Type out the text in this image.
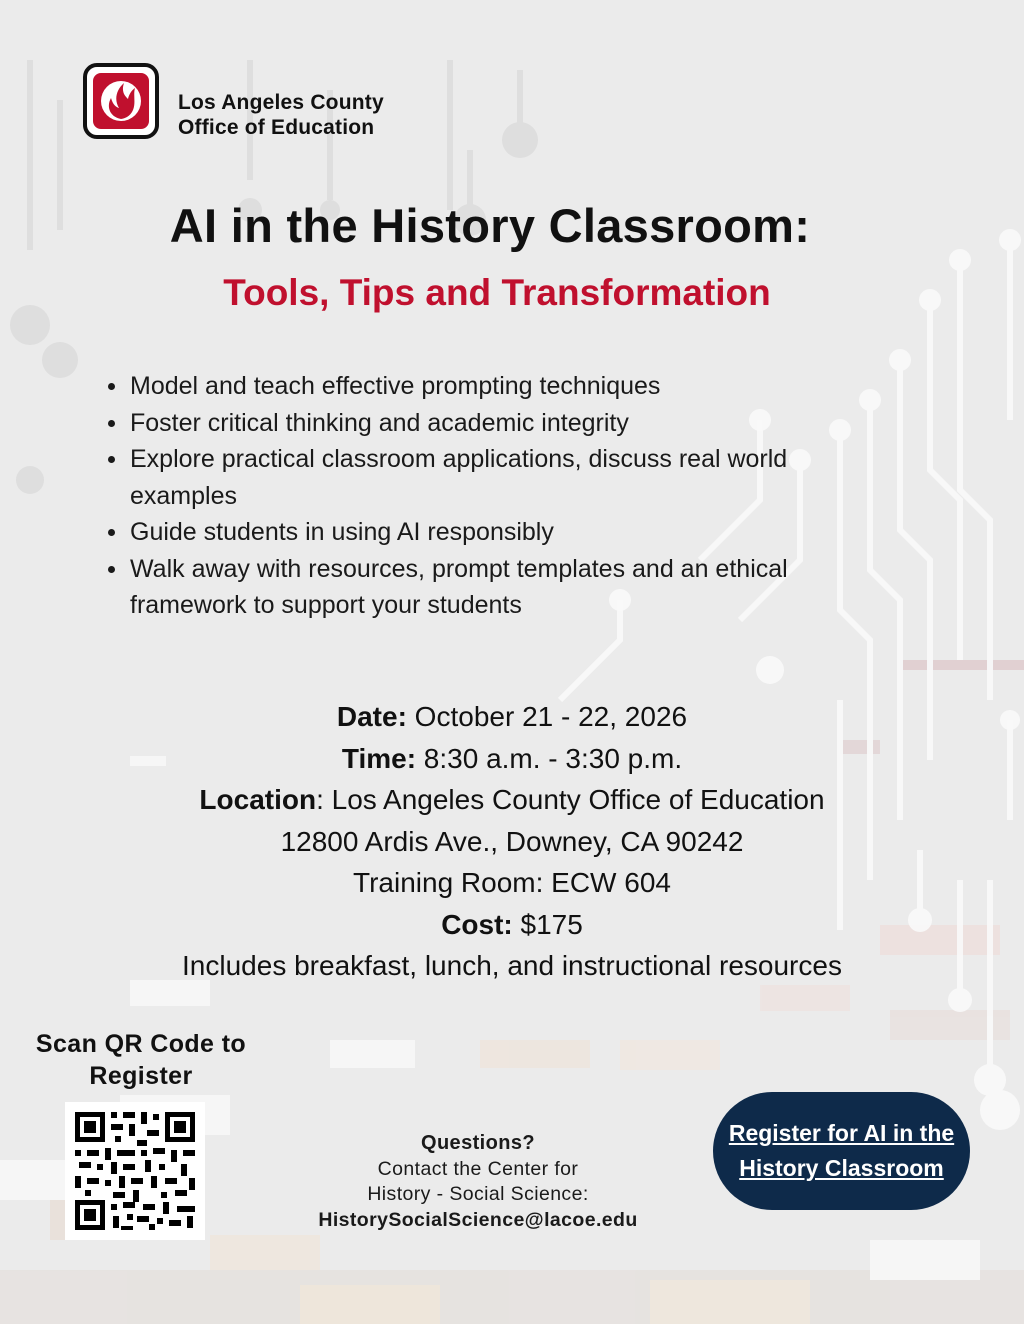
Los Angeles County
Office of Education
AI in the History Classroom:
Tools, Tips and Transformation
Model and teach effective prompting techniques
Foster critical thinking and academic integrity
Explore practical classroom applications, discuss real world examples
Guide students in using AI responsibly
Walk away with resources, prompt templates and an ethical framework to support your students
Date: October 21 - 22, 2026
Time: 8:30 a.m. - 3:30 p.m.
Location: Los Angeles County Office of Education
12800 Ardis Ave., Downey, CA 90242
Training Room: ECW 604
Cost: $175
Includes breakfast, lunch, and instructional resources
Scan QR Code to
Register
Questions?
Contact the Center for
History - Social Science:
HistorySocialScience@lacoe.edu
Register for AI in the
History Classroom
